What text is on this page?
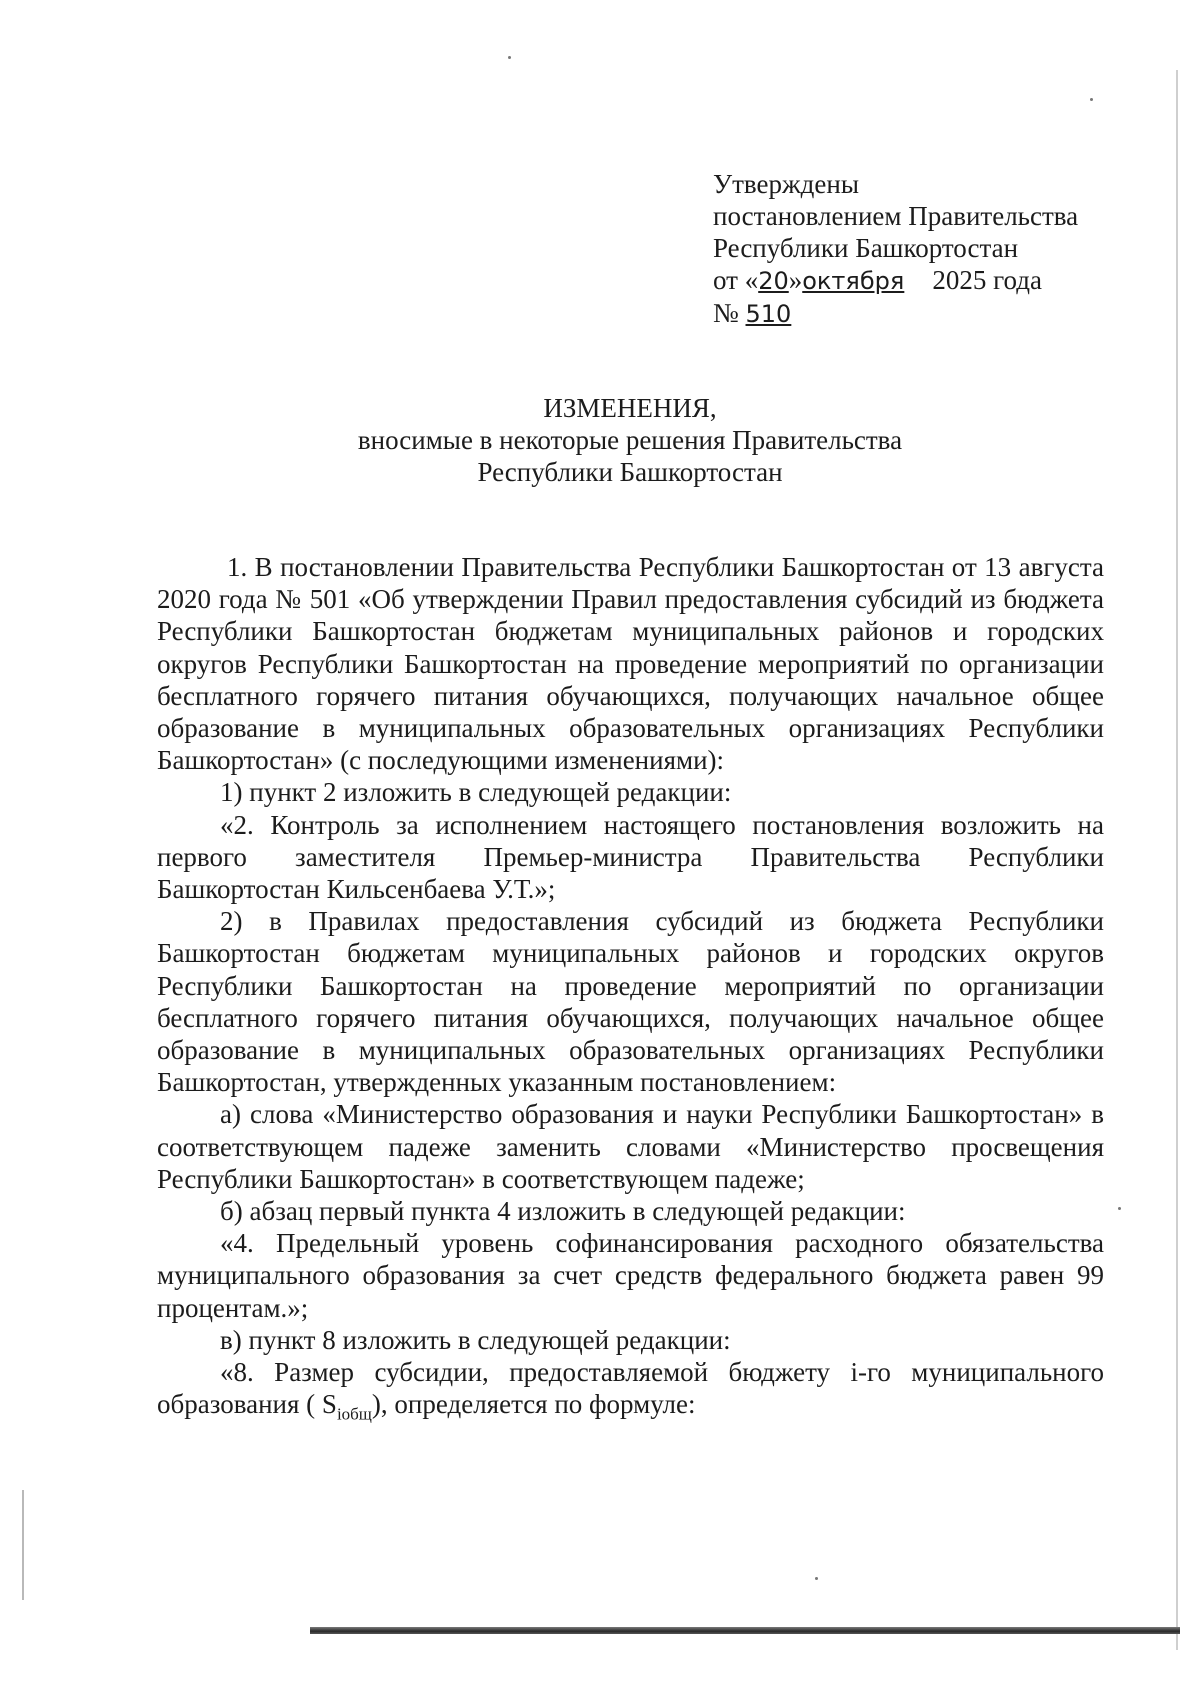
Утверждены
постановлением Правительства
Республики Башкортостан
от «20»октября 2025 года
№ 510
ИЗМЕНЕНИЯ,
вносимые в некоторые решения Правительства
Республики Башкортостан

1. В постановлении Правительства Республики Башкортостан от 13 августа 2020 года № 501 «Об утверждении Правил предоставления субсидий из бюджета Республики Башкортостан бюджетам муниципальных районов и городских округов Республики Башкортостан на проведение мероприятий по организации бесплатного горячего питания обучающихся, получающих начальное общее образование в муниципальных образовательных организациях Республики Башкортостан» (с последующими изменениями):

1) пункт 2 изложить в следующей редакции:

«2. Контроль за исполнением настоящего постановления возложить на первого заместителя Премьер-министра Правительства Республики Башкортостан Кильсенбаева У.Т.»;

2) в Правилах предоставления субсидий из бюджета Республики Башкортостан бюджетам муниципальных районов и городских округов Республики Башкортостан на проведение мероприятий по организации бесплатного горячего питания обучающихся, получающих начальное общее образование в муниципальных образовательных организациях Республики Башкортостан, утвержденных указанным постановлением:

а) слова «Министерство образования и науки Республики Башкортостан» в соответствующем падеже заменить словами «Министерство просвещения Республики Башкортостан» в соответствующем падеже;

б) абзац первый пункта 4 изложить в следующей редакции:

«4. Предельный уровень софинансирования расходного обязательства муниципального образования за счет средств федерального бюджета равен 99 процентам.»;

в) пункт 8 изложить в следующей редакции:

«8. Размер субсидии, предоставляемой бюджету i-го муниципального образования ( $S_{iобщ}$), определяется по формуле:
